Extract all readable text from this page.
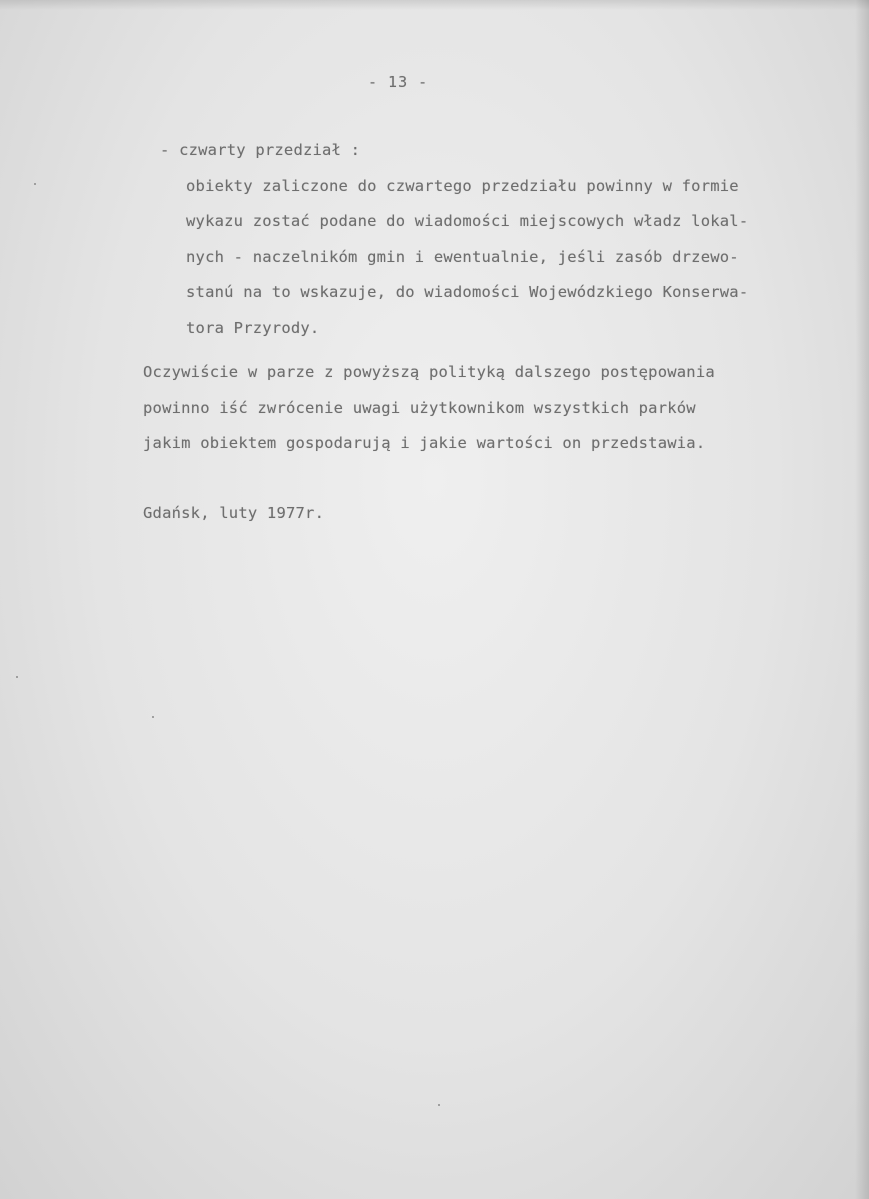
- 13 -
- czwarty przedział :
obiekty zaliczone do czwartego przedziału powinny w formie
wykazu zostać podane do wiadomości miejscowych władz lokal-
nych - naczelnikóm gmin i ewentualnie, jeśli zasób drzewo-
stanú na to wskazuje, do wiadomości Wojewódzkiego Konserwa-
tora Przyrody.
Oczywiście w parze z powyższą polityką dalszego postępowania
powinno iść zwrócenie uwagi użytkownikom wszystkich parków
jakim obiektem gospodarują i jakie wartości on przedstawia.
Gdańsk, luty 1977r.
